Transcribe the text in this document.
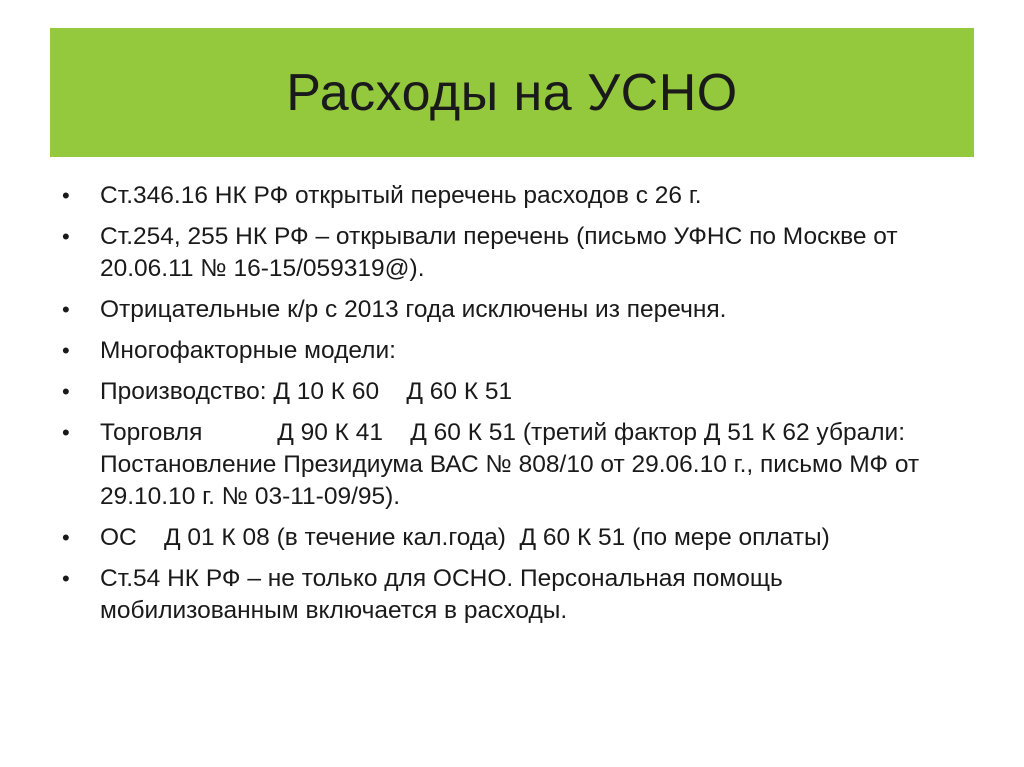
Расходы на УСНО
•	Ст.346.16 НК РФ открытый перечень расходов с 26 г.
•	Ст.254, 255 НК РФ – открывали перечень (письмо УФНС по Москве от 20.06.11 № 16-15/059319@).
•	Отрицательные к/р с 2013 года исключены из перечня.
•	Многофакторные модели:
•	Производство: Д 10 К 60    Д 60 К 51
•	Торговля           Д 90 К 41    Д 60 К 51 (третий фактор Д 51 К 62 убрали: Постановление Президиума ВАС № 808/10 от 29.06.10 г., письмо МФ от 29.10.10 г. № 03-11-09/95).
•	ОС    Д 01 К 08 (в течение кал.года)  Д 60 К 51 (по мере оплаты)
•	Ст.54 НК РФ – не только для ОСНО. Персональная помощь мобилизованным включается в расходы.
